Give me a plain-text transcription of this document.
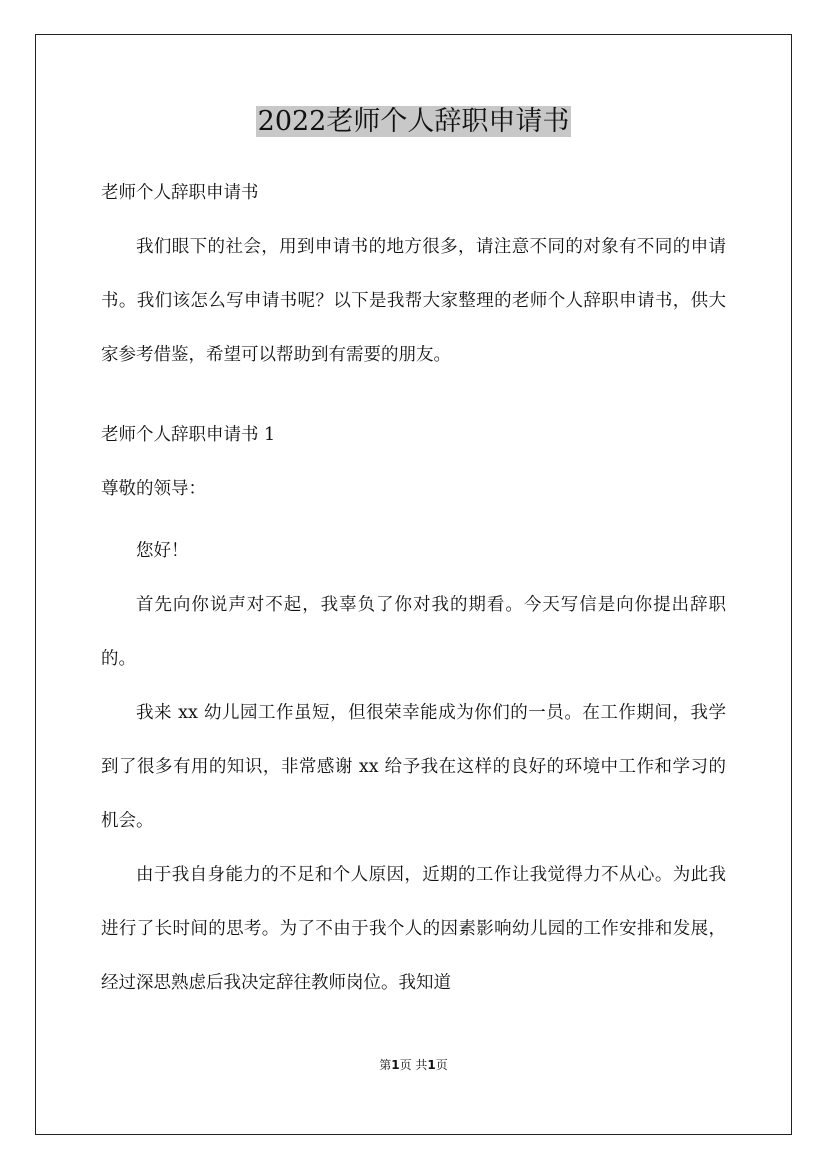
2022老师个人辞职申请书
老师个人辞职申请书

我们眼下的社会，用到申请书的地方很多，请注意不同的对象有不同的申请书。我们该怎么写申请书呢？以下是我帮大家整理的老师个人辞职申请书，供大家参考借鉴，希望可以帮助到有需要的朋友。

老师个人辞职申请书 1
尊敬的领导：

您好！

首先向你说声对不起，我辜负了你对我的期看。今天写信是向你提出辞职的。

我来 xx 幼儿园工作虽短，但很荣幸能成为你们的一员。在工作期间，我学到了很多有用的知识，非常感谢 xx 给予我在这样的良好的环境中工作和学习的机会。

由于我自身能力的不足和个人原因，近期的工作让我觉得力不从心。为此我进行了长时间的思考。为了不由于我个人的因素影响幼儿园的工作安排和发展，经过深思熟虑后我决定辞往教师岗位。我知道

第1页 共1页
